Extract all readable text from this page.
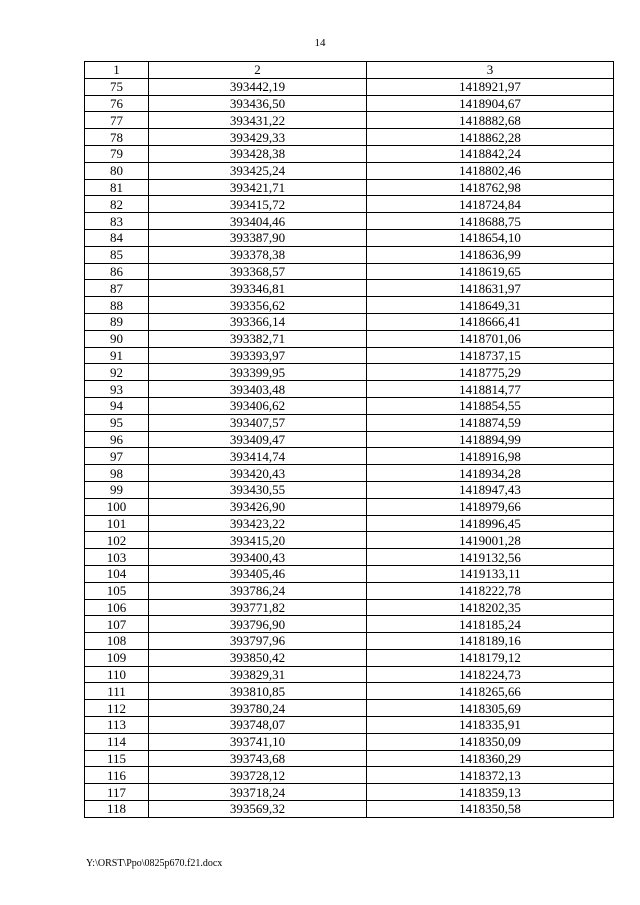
14
1	2	3
75	393442,19	1418921,97
76	393436,50	1418904,67
77	393431,22	1418882,68
78	393429,33	1418862,28
79	393428,38	1418842,24
80	393425,24	1418802,46
81	393421,71	1418762,98
82	393415,72	1418724,84
83	393404,46	1418688,75
84	393387,90	1418654,10
85	393378,38	1418636,99
86	393368,57	1418619,65
87	393346,81	1418631,97
88	393356,62	1418649,31
89	393366,14	1418666,41
90	393382,71	1418701,06
91	393393,97	1418737,15
92	393399,95	1418775,29
93	393403,48	1418814,77
94	393406,62	1418854,55
95	393407,57	1418874,59
96	393409,47	1418894,99
97	393414,74	1418916,98
98	393420,43	1418934,28
99	393430,55	1418947,43
100	393426,90	1418979,66
101	393423,22	1418996,45
102	393415,20	1419001,28
103	393400,43	1419132,56
104	393405,46	1419133,11
105	393786,24	1418222,78
106	393771,82	1418202,35
107	393796,90	1418185,24
108	393797,96	1418189,16
109	393850,42	1418179,12
110	393829,31	1418224,73
111	393810,85	1418265,66
112	393780,24	1418305,69
113	393748,07	1418335,91
114	393741,10	1418350,09
115	393743,68	1418360,29
116	393728,12	1418372,13
117	393718,24	1418359,13
118	393569,32	1418350,58
Y:\ORST\Ppo\0825p670.f21.docx
